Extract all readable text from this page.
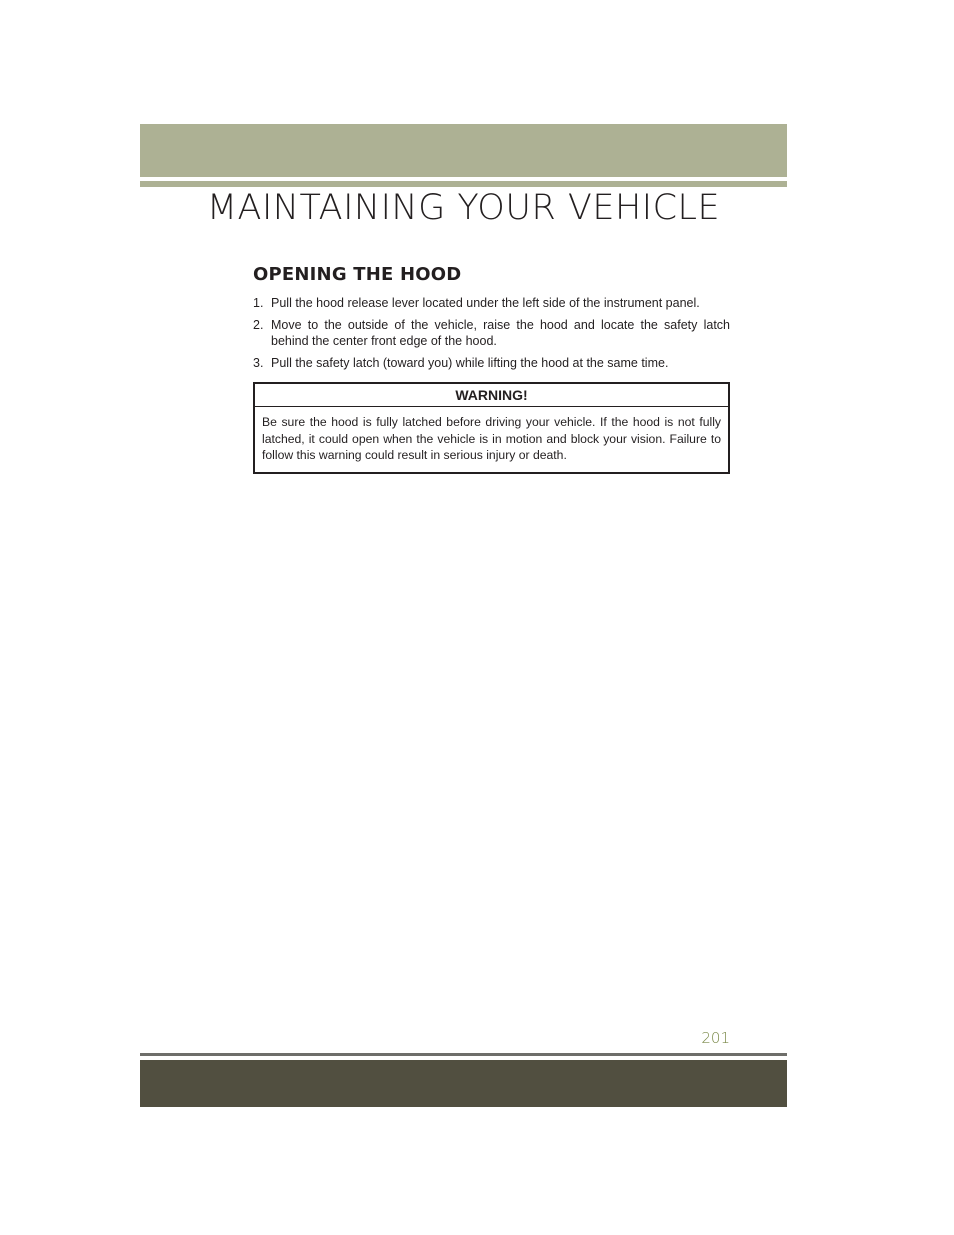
MAINTAINING YOUR VEHICLE
OPENING THE HOOD
1. Pull the hood release lever located under the left side of the instrument panel.
2. Move to the outside of the vehicle, raise the hood and locate the safety latch behind the center front edge of the hood.
3. Pull the safety latch (toward you) while lifting the hood at the same time.
WARNING!
Be sure the hood is fully latched before driving your vehicle. If the hood is not fully latched, it could open when the vehicle is in motion and block your vision. Failure to follow this warning could result in serious injury or death.
201
